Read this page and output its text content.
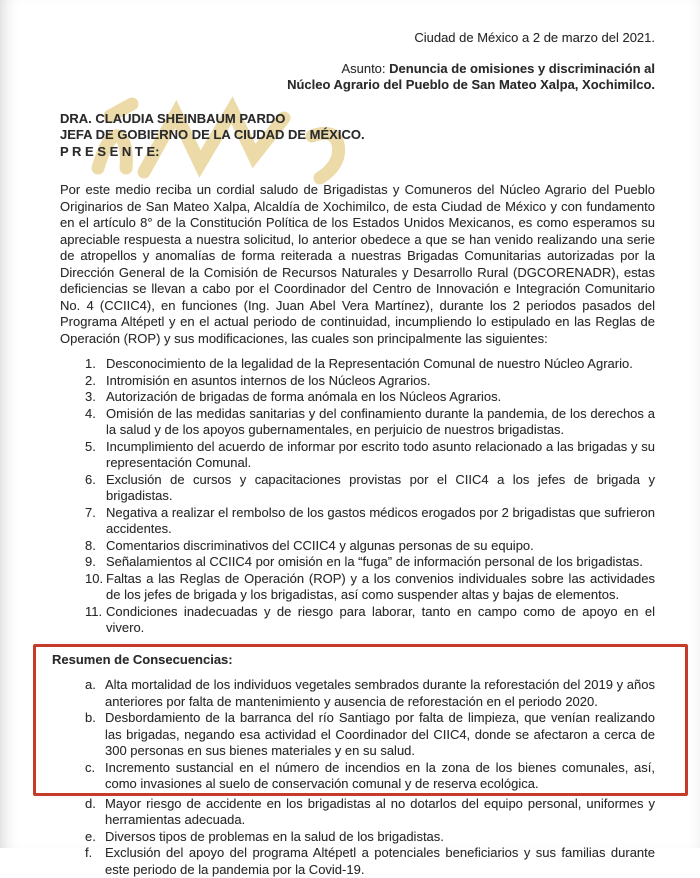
Ciudad de México a 2 de marzo del 2021.

Asunto: Denuncia de omisiones y discriminación al
Núcleo Agrario del Pueblo de San Mateo Xalpa, Xochimilco.

DRA. CLAUDIA SHEINBAUM PARDO
JEFA DE GOBIERNO DE LA CIUDAD DE MÉXICO.
P R E S E N T E:

Por este medio reciba un cordial saludo de Brigadistas y Comuneros del Núcleo Agrario del Pueblo Originarios de San Mateo Xalpa, Alcaldía de Xochimilco, de esta Ciudad de México y con fundamento en el artículo 8° de la Constitución Política de los Estados Unidos Mexicanos, es como esperamos su apreciable respuesta a nuestra solicitud, lo anterior obedece a que se han venido realizando una serie de atropellos y anomalías de forma reiterada a nuestras Brigadas Comunitarias autorizadas por la Dirección General de la Comisión de Recursos Naturales y Desarrollo Rural (DGCORENADR), estas deficiencias se llevan a cabo por el Coordinador del Centro de Innovación e Integración Comunitario No. 4 (CCIIC4), en funciones (Ing. Juan Abel Vera Martínez), durante los 2 periodos pasados del Programa Altépetl y en el actual periodo de continuidad, incumpliendo lo estipulado en las Reglas de Operación (ROP) y sus modificaciones, las cuales son principalmente las siguientes:

1. Desconocimiento de la legalidad de la Representación Comunal de nuestro Núcleo Agrario.
2. Intromisión en asuntos internos de los Núcleos Agrarios.
3. Autorización de brigadas de forma anómala en los Núcleos Agrarios.
4. Omisión de las medidas sanitarias y del confinamiento durante la pandemia, de los derechos a la salud y de los apoyos gubernamentales, en perjuicio de nuestros brigadistas.
5. Incumplimiento del acuerdo de informar por escrito todo asunto relacionado a las brigadas y su representación Comunal.
6. Exclusión de cursos y capacitaciones provistas por el CIIC4 a los jefes de brigada y brigadistas.
7. Negativa a realizar el rembolso de los gastos médicos erogados por 2 brigadistas que sufrieron accidentes.
8. Comentarios discriminativos del CCIIC4 y algunas personas de su equipo.
9. Señalamientos al CCIIC4 por omisión en la “fuga” de información personal de los brigadistas.
10. Faltas a las Reglas de Operación (ROP) y a los convenios individuales sobre las actividades de los jefes de brigada y los brigadistas, así como suspender altas y bajas de elementos.
11. Condiciones inadecuadas y de riesgo para laborar, tanto en campo como de apoyo en el vivero.
Resumen de Consecuencias:
a. Alta mortalidad de los individuos vegetales sembrados durante la reforestación del 2019 y años anteriores por falta de mantenimiento y ausencia de reforestación en el periodo 2020.
b. Desbordamiento de la barranca del río Santiago por falta de limpieza, que venían realizando las brigadas, negando esa actividad el Coordinador del CIIC4, donde se afectaron a cerca de 300 personas en sus bienes materiales y en su salud.
c. Incremento sustancial en el número de incendios en la zona de los bienes comunales, así, como invasiones al suelo de conservación comunal y de reserva ecológica.
d. Mayor riesgo de accidente en los brigadistas al no dotarlos del equipo personal, uniformes y herramientas adecuada.
e. Diversos tipos de problemas en la salud de los brigadistas.
f. Exclusión del apoyo del programa Altépetl a potenciales beneficiarios y sus familias durante este periodo de la pandemia por la Covid-19.
